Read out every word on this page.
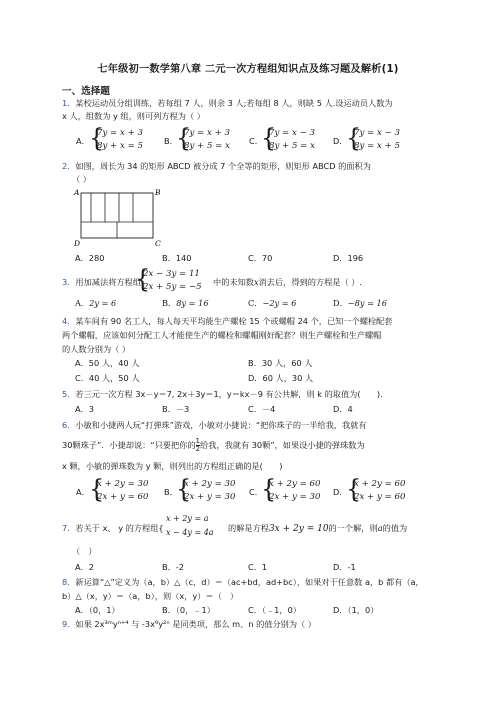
七年级初一数学第八章 二元一次方程组知识点及练习题及解析(1)
一、选择题
1．某校运动员分组训练，若每组 7 人，则余 3 人;若每组 8 人，则缺 5 人.设运动员人数为
x 人，组数为 y 组，则可列方程为（ ）
A． {
7y = x + 3
8y + x = 5	B．
{
7y = x + 3
8y + 5 = x C．
{
7y = x − 3
8y + 5 = x D．
{
7y = x − 3
8y = x + 5
2．如图，周长为 34 的矩形 ABCD 被分成 7 个全等的矩形，则矩形 ABCD 的面积为
（ ）
A	B
D	C
A．280	B．140	C．70	D．196
3．用加减法将方程组
{
2x − 3y = 11
2x + 5y = −5 中的未知数x消去后，得到的方程是（ ）.
A．2y = 6	B．8y = 16	C．−2y = 6	D．−8y = 16
4．某车间有 90 名工人，每人每天平均能生产螺栓 15 个或螺帽 24 个，已知一个螺栓配套
两个螺帽，应该如何分配工人才能使生产的螺栓和螺帽刚好配套？则生产螺栓和生产螺帽
的人数分别为（ ）
A．50 人，40 人	B．30 人，60 人
C．40 人，50 人	D．60 人，30 人
5．若三元一次方程 3x－y＝7, 2x＋3y＝1，y＝kx－9 有公共解，则 k 的取值为(　　).
A．3	B．－3	C．－4	D．4
6．小敏和小捷两人玩“打弹珠”游戏，小敏对小捷说：“把你珠子的一半给我，我就有
30颗珠子”．小捷却说：“只要把你的 $\frac{1}{2}$ 给我，我就有 30颗”，如果设小捷的弹珠数为
x 颗，小敏的弹珠数为 y 颗，则列出的方程组正确的是(　　)
A． {
x + 2y = 30
2x + y = 60 B．
{
x + 2y = 30
2x + y = 30 C．
{
x + 2y = 60
2x + y = 30 D．
{
x + 2y = 60
2x + y = 60
7．若关于 x、 y 的方程组{
x + 2y = a
x − 4y = 4a 的解是方程3x + 2y = 10的一个解，则a的值为
（　）
A．2	B．-2	C．1	D．-1
8．新运算“△”定义为（a，b）△（c，d）＝（ac+bd，ad+bc），如果对于任意数 a，b 都有（a，
b）△（x，y）＝（a，b），则（x，y）＝（　）
A．（0，1）	B．（0，﹣1）	C．（﹣1，0）	D．（1，0）
9．如果 2x³ᵐyⁿ⁺⁴ 与 -3x⁹y²ⁿ 是同类项，那么 m、n 的值分别为（ ）
